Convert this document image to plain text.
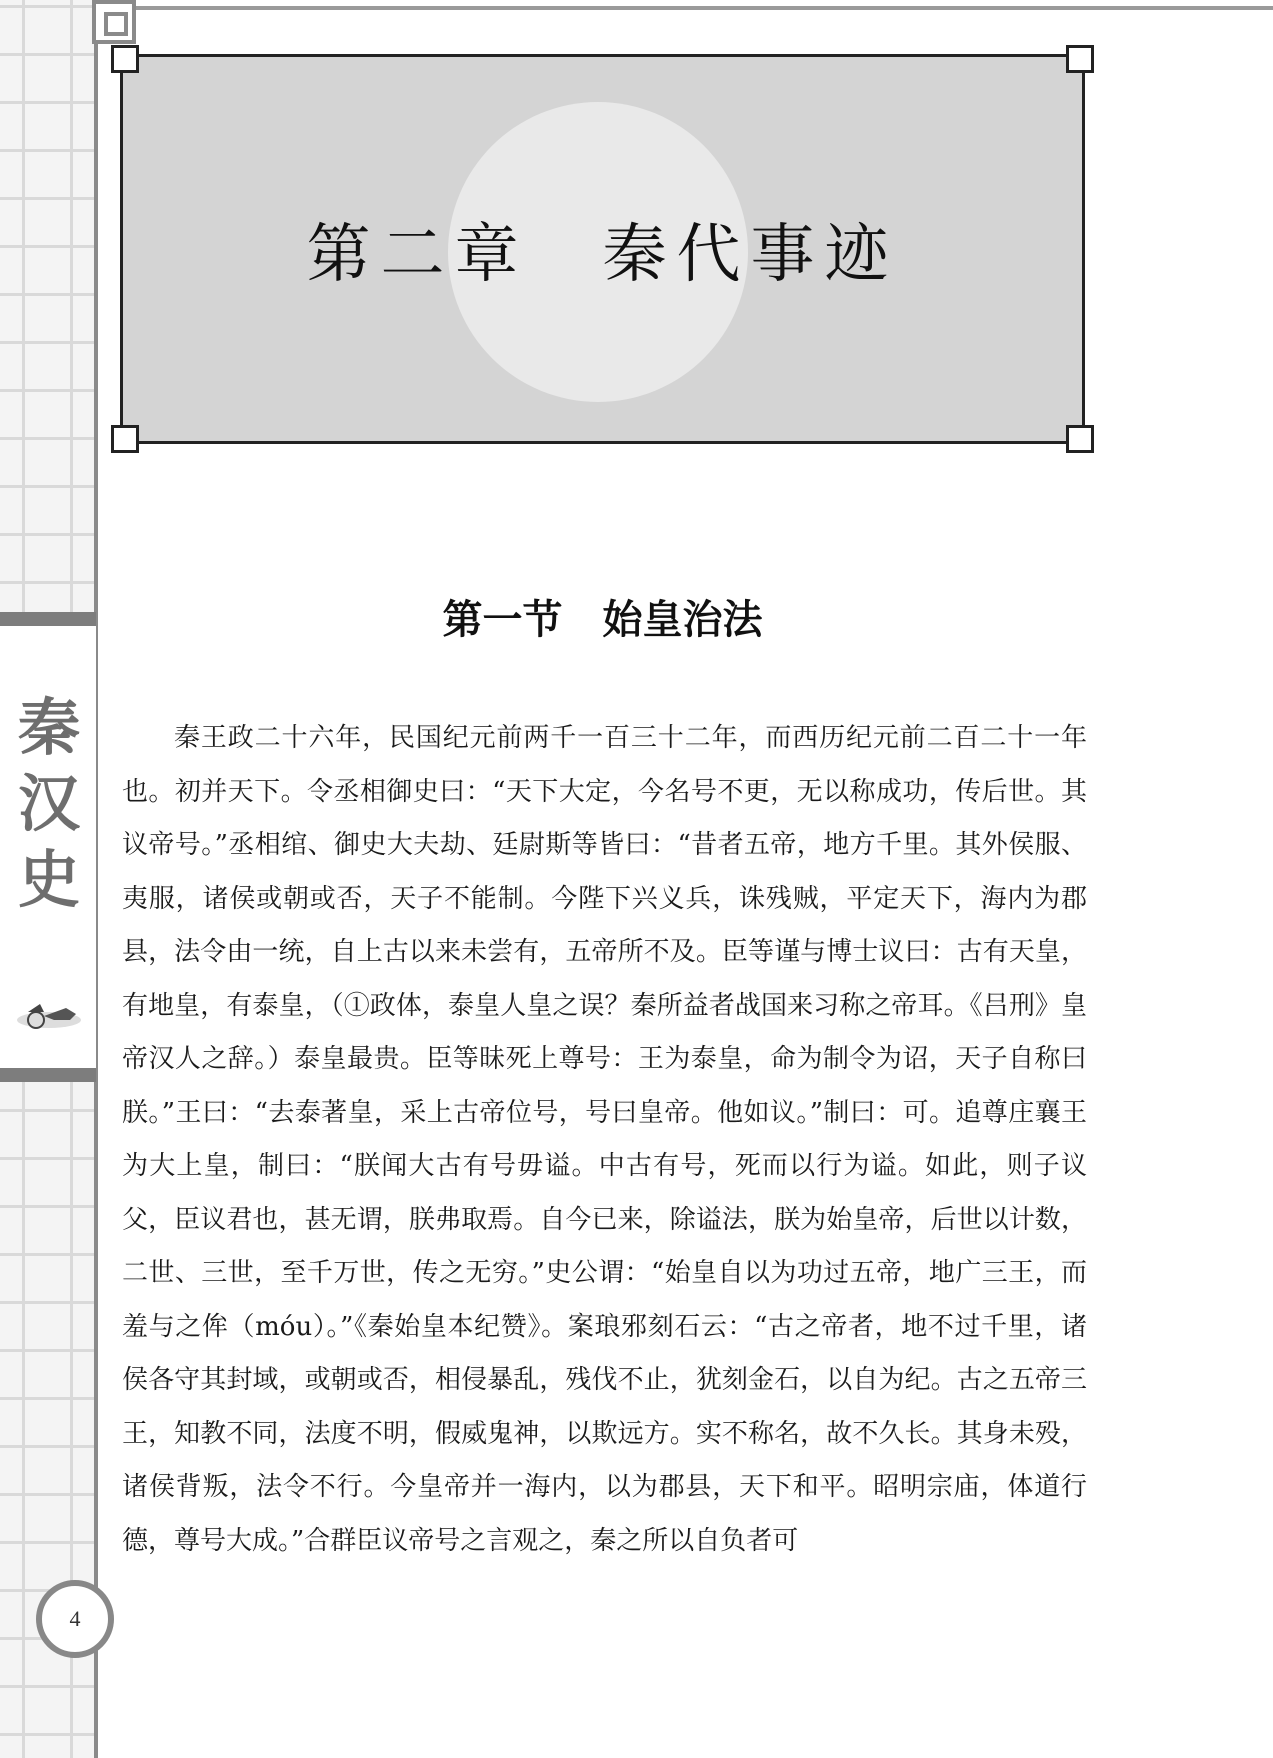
秦汉史
4
第二章　秦代事迹
第一节　始皇治法

秦王政二十六年，民国纪元前两千一百三十二年，而西历纪元前二百二十一年也。初并天下。令丞相御史曰：“天下大定，今名号不更，无以称成功，传后世。其议帝号。”丞相绾、御史大夫劫、廷尉斯等皆曰：“昔者五帝，地方千里。其外侯服、夷服，诸侯或朝或否，天子不能制。今陛下兴义兵，诛残贼，平定天下，海内为郡县，法令由一统，自上古以来未尝有，五帝所不及。臣等谨与博士议曰：古有天皇，有地皇，有泰皇，（①政体，泰皇人皇之误？秦所益者战国来习称之帝耳。《吕刑》皇帝汉人之辞。）泰皇最贵。臣等昧死上尊号：王为泰皇，命为制令为诏，天子自称曰朕。”王曰：“去泰著皇，采上古帝位号，号曰皇帝。他如议。”制曰：可。追尊庄襄王为大上皇，制曰：“朕闻大古有号毋谥。中古有号，死而以行为谥。如此，则子议父，臣议君也，甚无谓，朕弗取焉。自今已来，除谥法，朕为始皇帝，后世以计数，二世、三世，至千万世，传之无穷。”史公谓：“始皇自以为功过五帝，地广三王，而羞与之侔（móu）。”《秦始皇本纪赞》。案琅邪刻石云：“古之帝者，地不过千里，诸侯各守其封域，或朝或否，相侵暴乱，残伐不止，犹刻金石，以自为纪。古之五帝三王，知教不同，法度不明，假威鬼神，以欺远方。实不称名，故不久长。其身未殁，诸侯背叛，法令不行。今皇帝并一海内，以为郡县，天下和平。昭明宗庙，体道行德，尊号大成。”合群臣议帝号之言观之，秦之所以自负者可
